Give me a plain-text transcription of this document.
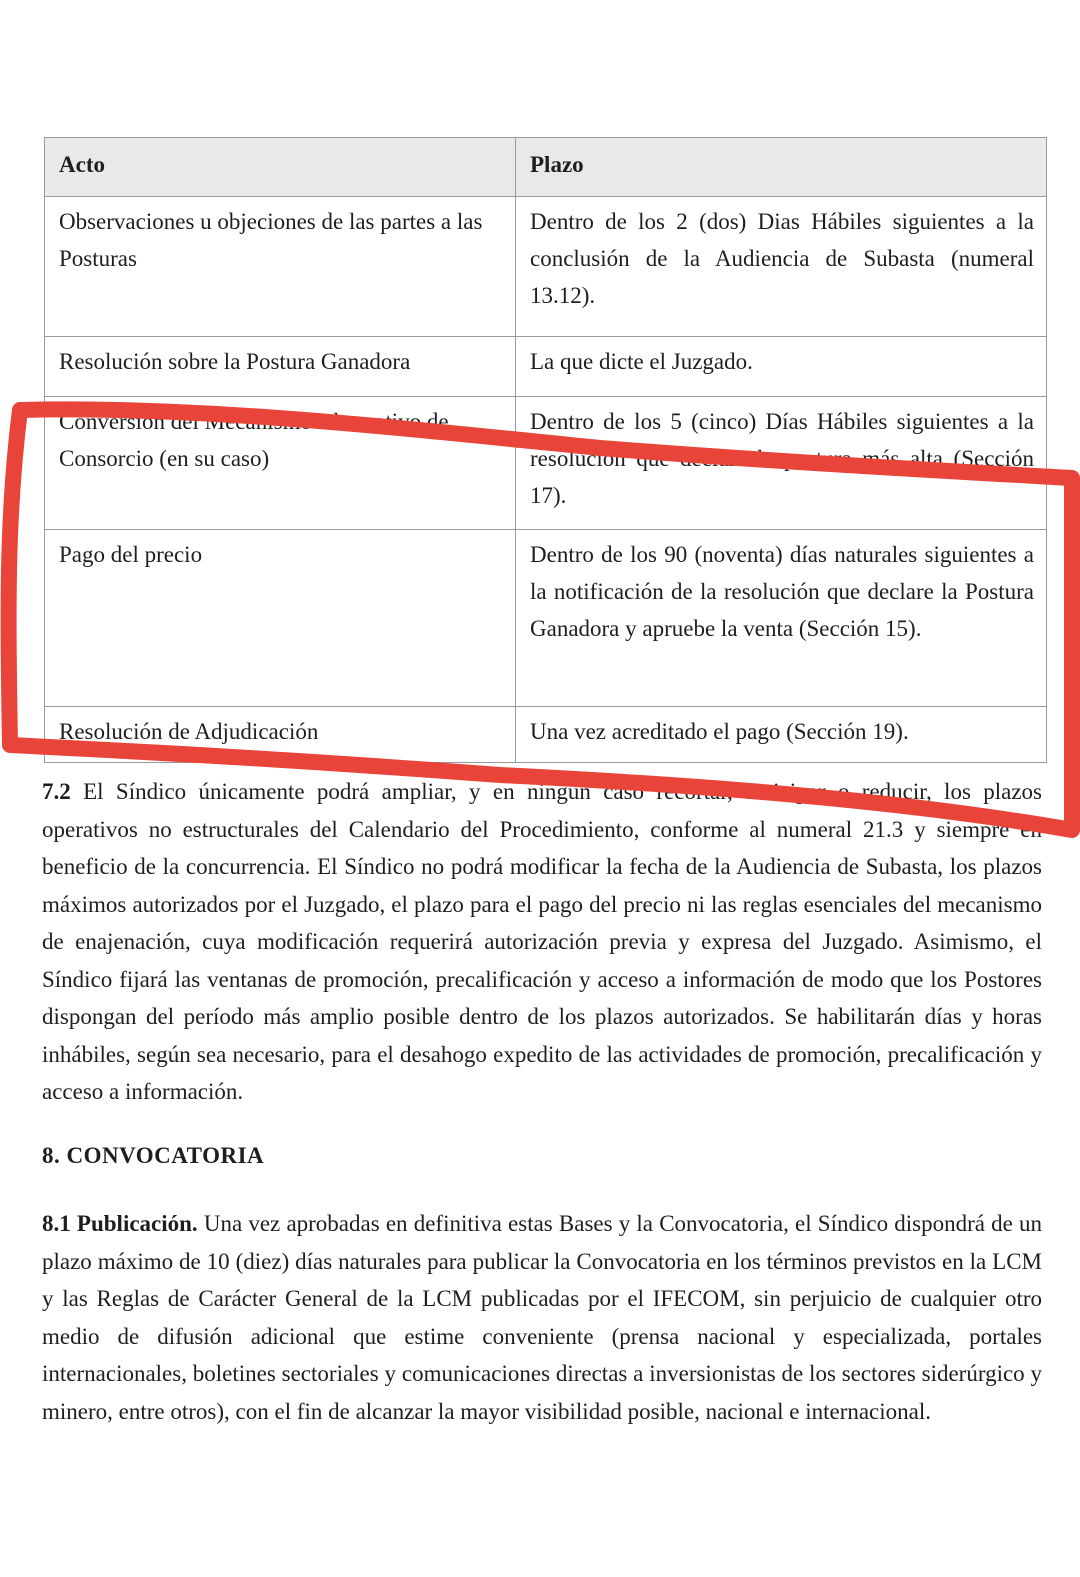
Acto	Plazo
Observaciones u objeciones de las partes a las Posturas	Dentro de los 2 (dos) Dias Hábiles siguientes a la conclusión de la Audiencia de Subasta (numeral 13.12).
Resolución sobre la Postura Ganadora	La que dicte el Juzgado.
Conversión del Mecanismo Alternativo de Consorcio (en su caso)	Dentro de los 5 (cinco) Días Hábiles siguientes a la resolución que declare la postura más alta (Sección 17).
Pago del precio	Dentro de los 90 (noventa) días naturales siguientes a la notificación de la resolución que declare la Postura Ganadora y apruebe la venta (Sección 15).
Resolución de Adjudicación	Una vez acreditado el pago (Sección 19).

7.2 El Síndico únicamente podrá ampliar, y en ningún caso recortar, anticipar o reducir, los plazos operativos no estructurales del Calendario del Procedimiento, conforme al numeral 21.3 y siempre en beneficio de la concurrencia. El Síndico no podrá modificar la fecha de la Audiencia de Subasta, los plazos máximos autorizados por el Juzgado, el plazo para el pago del precio ni las reglas esenciales del mecanismo de enajenación, cuya modificación requerirá autorización previa y expresa del Juzgado. Asimismo, el Síndico fijará las ventanas de promoción, precalificación y acceso a información de modo que los Postores dispongan del período más amplio posible dentro de los plazos autorizados. Se habilitarán días y horas inhábiles, según sea necesario, para el desahogo expedito de las actividades de promoción, precalificación y acceso a información.

8. CONVOCATORIA

8.1 Publicación. Una vez aprobadas en definitiva estas Bases y la Convocatoria, el Síndico dispondrá de un plazo máximo de 10 (diez) días naturales para publicar la Convocatoria en los términos previstos en la LCM y las Reglas de Carácter General de la LCM publicadas por el IFECOM, sin perjuicio de cualquier otro medio de difusión adicional que estime conveniente (prensa nacional y especializada, portales internacionales, boletines sectoriales y comunicaciones directas a inversionistas de los sectores siderúrgico y minero, entre otros), con el fin de alcanzar la mayor visibilidad posible, nacional e internacional.
